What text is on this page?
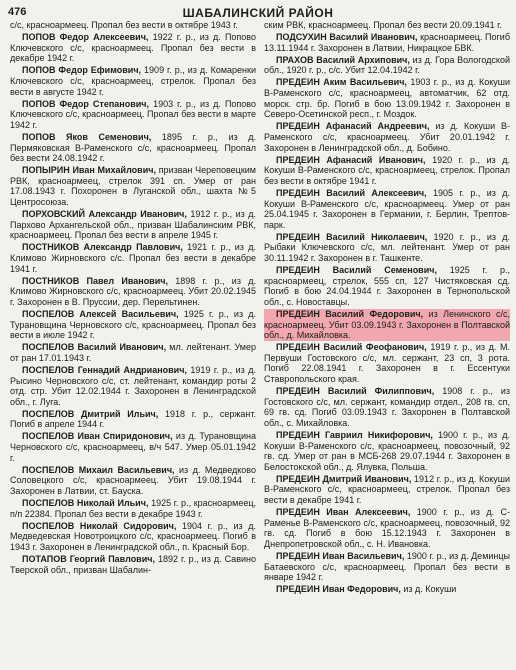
476	ШАБАЛИНСКИЙ РАЙОН

с/с, красноармеец. Пропал без вести в октябре 1943 г.

ПОПОВ Федор Алексеевич, 1922 г. р., из д. Попово Ключевского с/с, красноармеец. Пропал без вести в декабре 1942 г.

ПОПОВ Федор Ефимович, 1909 г. р., из д. Комаренки Ключевского с/с, красноармеец, стрелок. Пропал без вести в августе 1942 г.

ПОПОВ Федор Степанович, 1903 г. р., из д. Попово Ключевского с/с, красноармеец. Пропал без вести в марте 1942 г.

ПОПОВ Яков Семенович, 1895 г. р., из д. Пермяковская В-Раменского с/с, красноармеец. Пропал без вести 24.08.1942 г.

ПОПЫРИН Иван Михайлович, призван Череповецким РВК, красноармеец, стрелок 391 сп. Умер от ран 17.08.1943 г. Похоронен в Луганской обл., шахта №5 Центросоюза.

ПОРХОВСКИЙ Александр Иванович, 1912 г. р., из д. Пархово Архангельской обл., призван Шабалинским РВК, красноармеец. Пропал без вести в апреле 1945 г.

ПОСТНИКОВ Александр Павлович, 1921 г. р., из д. Климово Жирновского с/с. Пропал без вести в декабре 1941 г.

ПОСТНИКОВ Павел Иванович, 1898 г. р., из д. Климово Жирновского с/с, красноармеец. Убит 20.02.1945 г. Захоронен в В. Пруссии, дер. Перельтинен.

ПОСПЕЛОВ Алексей Васильевич, 1925 г. р., из д. Турановщина Черновского с/с, красноармеец. Пропал без вести в июле 1942 г.

ПОСПЕЛОВ Василий Иванович, мл. лейтенант. Умер от ран 17.01.1943 г.

ПОСПЕЛОВ Геннадий Андрианович, 1919 г. р., из д. Рысино Черновского с/с, ст. лейтенант, командир роты 2 отд. стр. Убит 12.02.1944 г. Захоронен в Ленинградской обл., г. Луга.

ПОСПЕЛОВ Дмитрий Ильич, 1918 г. р., сержант. Погиб в апреле 1944 г.

ПОСПЕЛОВ Иван Спиридонович, из д. Турановщина Черновского с/с, красноармеец, в/ч 547. Умер 05.01.1942 г.

ПОСПЕЛОВ Михаил Васильевич, из д. Медведково Соловецкого с/с, красноармеец. Убит 19.08.1944 г. Захоронен в Латвии, ст. Бауска.

ПОСПЕЛОВ Николай Ильич, 1925 г. р., красноармеец, п/п 22384. Пропал без вести в декабре 1943 г.

ПОСПЕЛОВ Николай Сидорович, 1904 г. р., из д. Медведевская Новотроицкого с/с, красноармеец. Погиб в 1943 г. Захоронен в Ленинградской обл., п. Красный Бор.

ПОТАПОВ Георгий Павлович, 1892 г. р., из д. Савино Тверской обл., призван Шабалин-

ским РВК, красноармеец. Пропал без вести 20.09.1941 г.

ПОДСУХИН Василий Иванович, красноармеец. Погиб 13.11.1944 г. Захоронен в Латвии, Никрацкое БВК.

ПРАХОВ Василий Архипович, из д. Гора Вологодской обл., 1920 г. р., с/с. Убит 12.04.1942 г.

ПРЕДЕИН Аким Васильевич, 1903 г. р., из д. Кокуши В-Раменского с/с, красноармеец, автоматчик, 62 отд. морск. стр. бр. Погиб в бою 13.09.1942 г. Захоронен в Северо-Осетинской респ., г. Моздок.

ПРЕДЕИН Афанасий Андреевич, из д. Кокуши В-Раменского с/с, красноармеец. Убит 20.01.1942 г. Захоронен в Ленинградской обл., д. Бобино.

ПРЕДЕИН Афанасий Иванович, 1920 г. р., из д. Кокуши В-Раменского с/с, красноармеец, стрелок. Пропал без вести в октябре 1941 г.

ПРЕДЕИН Василий Алексеевич, 1905 г. р., из д. Кокуши В-Раменского с/с, красноармеец. Умер от ран 25.04.1945 г. Захоронен в Германии, г. Берлин, Трептов-парк.

ПРЕДЕИН Василий Николаевич, 1920 г. р., из д. Рыбаки Ключевского с/с, мл. лейтенант. Умер от ран 30.11.1942 г. Захоронен в г. Ташкенте.

ПРЕДЕИН Василий Семенович, 1925 г. р., красноармеец, стрелок, 555 сп, 127 Чистяковская сд. Погиб в бою 24.04.1944 г. Захоронен в Тернопольской обл., с. Новоставцы.

ПРЕДЕИН Василий Федорович, из Ленинского с/с, красноармеец. Убит 03.09.1943 г. Захоронен в Полтавской обл., д. Михайловка.

ПРЕДЕИН Василий Феофанович, 1919 г. р., из д. М. Первуши Гостовского с/с, мл. сержант, 23 сп, 3 рота. Погиб 22.08.1941 г. Захоронен в г. Ессентуки Ставропольского края.

ПРЕДЕИН Василий Филиппович, 1908 г. р., из Гостовского с/с, мл. сержант, командир отдел., 208 гв. сп, 69 гв. сд. Погиб 03.09.1943 г. Захоронен в Полтавской обл., с. Михайловка.

ПРЕДЕИН Гавриил Никифорович, 1900 г. р., из д. Кокуши В-Раменского с/с, красноармеец, повозочный, 92 гв. сд. Умер от ран в МСБ-268 29.07.1944 г. Захоронен в Белостокской обл., д. Ялувка, Польша.

ПРЕДЕИН Дмитрий Иванович, 1912 г. р., из д. Кокуши В-Раменского с/с, красноармеец, стрелок. Пропал без вести в декабре 1941 г.

ПРЕДЕИН Иван Алексеевич, 1900 г. р., из д. С-Раменье В-Раменского с/с, красноармеец, повозочный, 92 гв. сд. Погиб в бою 15.12.1943 г. Захоронен в Днепропетровской обл., с. Н. Ивановка.

ПРЕДЕИН Иван Васильевич, 1900 г. р., из д. Деминцы Батаевского с/с, красноармеец. Пропал без вести в январе 1942 г.

ПРЕДЕИН Иван Федорович, из д. Кокуши
